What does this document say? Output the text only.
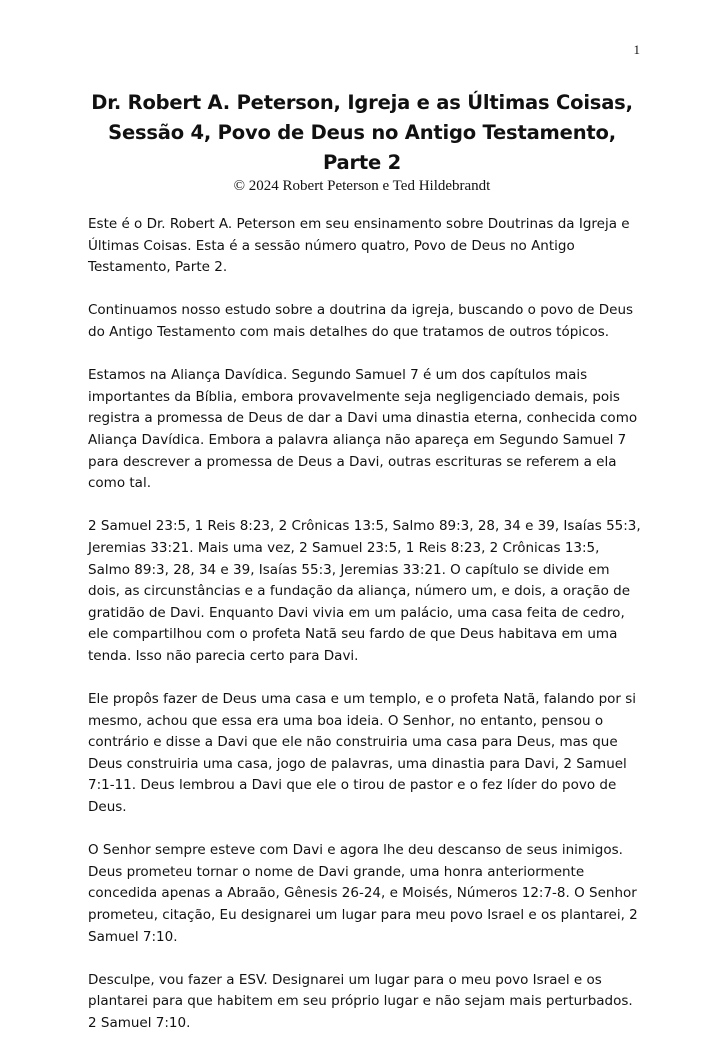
1
Dr. Robert A. Peterson, Igreja e as Últimas Coisas,
Sessão 4, Povo de Deus no Antigo Testamento,
Parte 2
© 2024 Robert Peterson e Ted Hildebrandt

Este é o Dr. Robert A. Peterson em seu ensinamento sobre Doutrinas da Igreja e Últimas Coisas. Esta é a sessão número quatro, Povo de Deus no Antigo Testamento, Parte 2.

Continuamos nosso estudo sobre a doutrina da igreja, buscando o povo de Deus do Antigo Testamento com mais detalhes do que tratamos de outros tópicos.

Estamos na Aliança Davídica. Segundo Samuel 7 é um dos capítulos mais importantes da Bíblia, embora provavelmente seja negligenciado demais, pois registra a promessa de Deus de dar a Davi uma dinastia eterna, conhecida como Aliança Davídica. Embora a palavra aliança não apareça em Segundo Samuel 7 para descrever a promessa de Deus a Davi, outras escrituras se referem a ela como tal.

2 Samuel 23:5, 1 Reis 8:23, 2 Crônicas 13:5, Salmo 89:3, 28, 34 e 39, Isaías 55:3, Jeremias 33:21. Mais uma vez, 2 Samuel 23:5, 1 Reis 8:23, 2 Crônicas 13:5, Salmo 89:3, 28, 34 e 39, Isaías 55:3, Jeremias 33:21. O capítulo se divide em dois, as circunstâncias e a fundação da aliança, número um, e dois, a oração de gratidão de Davi. Enquanto Davi vivia em um palácio, uma casa feita de cedro, ele compartilhou com o profeta Natã seu fardo de que Deus habitava em uma tenda. Isso não parecia certo para Davi.

Ele propôs fazer de Deus uma casa e um templo, e o profeta Natã, falando por si mesmo, achou que essa era uma boa ideia. O Senhor, no entanto, pensou o contrário e disse a Davi que ele não construiria uma casa para Deus, mas que Deus construiria uma casa, jogo de palavras, uma dinastia para Davi, 2 Samuel 7:1-11. Deus lembrou a Davi que ele o tirou de pastor e o fez líder do povo de Deus.

O Senhor sempre esteve com Davi e agora lhe deu descanso de seus inimigos. Deus prometeu tornar o nome de Davi grande, uma honra anteriormente concedida apenas a Abraão, Gênesis 26-24, e Moisés, Números 12:7-8. O Senhor prometeu, citação, Eu designarei um lugar para meu povo Israel e os plantarei, 2 Samuel 7:10.

Desculpe, vou fazer a ESV. Designarei um lugar para o meu povo Israel e os plantarei para que habitem em seu próprio lugar e não sejam mais perturbados. 2 Samuel 7:10.
